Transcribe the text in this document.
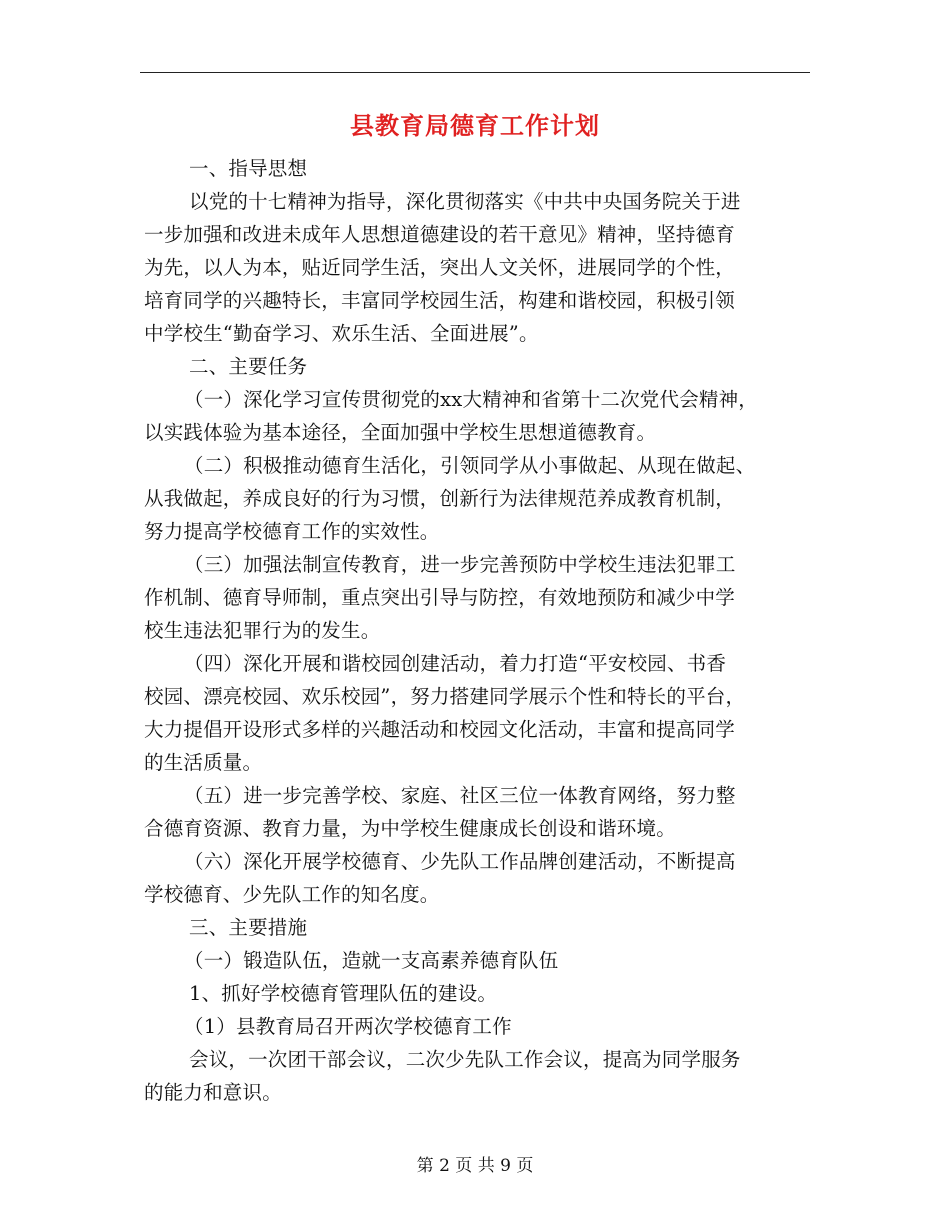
县教育局德育工作计划
一、指导思想
以党的十七精神为指导，深化贯彻落实《中共中央国务院关于进
一步加强和改进未成年人思想道德建设的若干意见》精神，坚持德育
为先，以人为本，贴近同学生活，突出人文关怀，进展同学的个性，
培育同学的兴趣特长，丰富同学校园生活，构建和谐校园，积极引领
中学校生“勤奋学习、欢乐生活、全面进展”。
二、主要任务
（一）深化学习宣传贯彻党的xx大精神和省第十二次党代会精神，
以实践体验为基本途径，全面加强中学校生思想道德教育。
（二）积极推动德育生活化，引领同学从小事做起、从现在做起、
从我做起，养成良好的行为习惯，创新行为法律规范养成教育机制，
努力提高学校德育工作的实效性。
（三）加强法制宣传教育，进一步完善预防中学校生违法犯罪工
作机制、德育导师制，重点突出引导与防控，有效地预防和减少中学
校生违法犯罪行为的发生。
（四）深化开展和谐校园创建活动，着力打造“平安校园、书香
校园、漂亮校园、欢乐校园”，努力搭建同学展示个性和特长的平台，
大力提倡开设形式多样的兴趣活动和校园文化活动，丰富和提高同学
的生活质量。
（五）进一步完善学校、家庭、社区三位一体教育网络，努力整
合德育资源、教育力量，为中学校生健康成长创设和谐环境。
（六）深化开展学校德育、少先队工作品牌创建活动，不断提高
学校德育、少先队工作的知名度。
三、主要措施
（一）锻造队伍，造就一支高素养德育队伍
1、抓好学校德育管理队伍的建设。
（1）县教育局召开两次学校德育工作
会议，一次团干部会议，二次少先队工作会议，提高为同学服务
的能力和意识。
第 2 页 共 9 页
